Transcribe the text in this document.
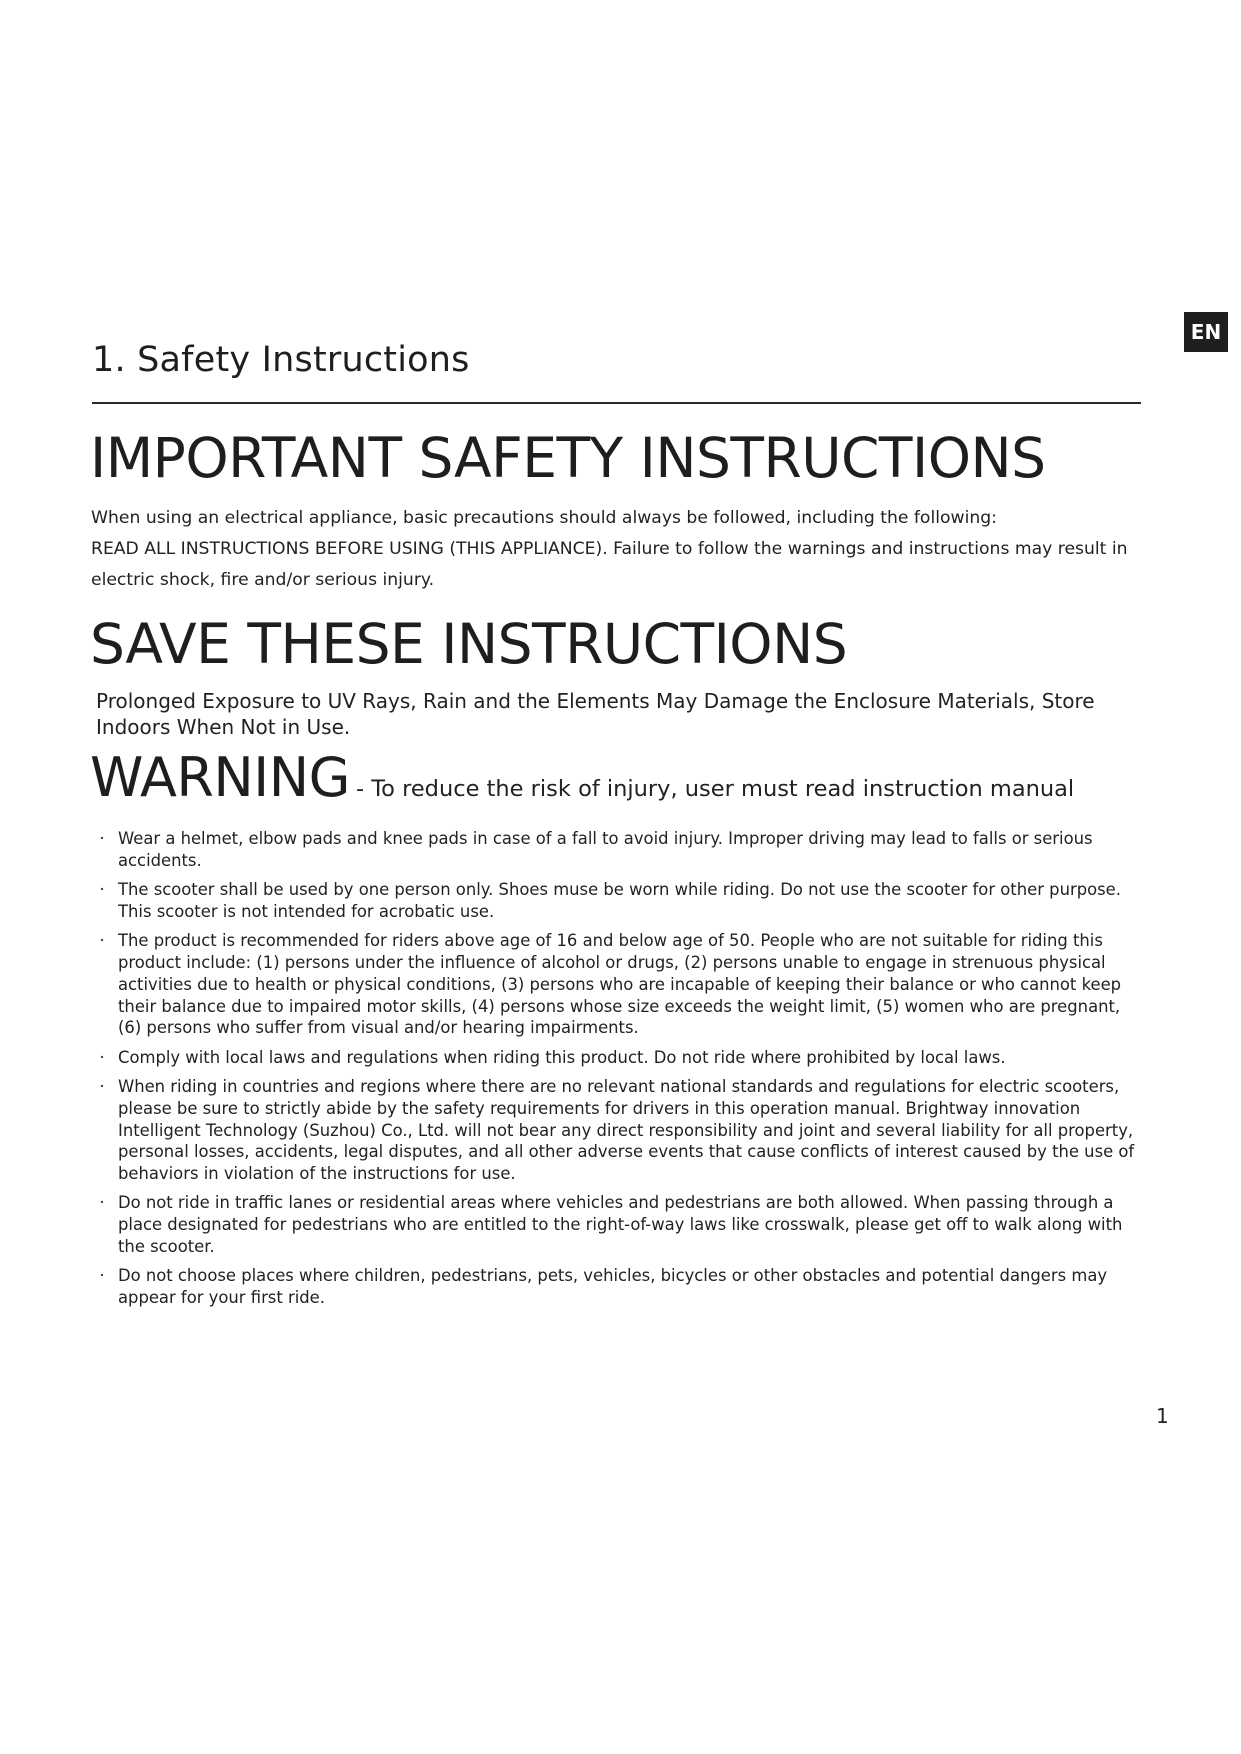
EN
1. Safety Instructions
IMPORTANT SAFETY INSTRUCTIONS
When using an electrical appliance, basic precautions should always be followed, including the following:
READ ALL INSTRUCTIONS BEFORE USING (THIS APPLIANCE). Failure to follow the warnings and instructions may result in
electric shock, fire and/or serious injury.
SAVE THESE INSTRUCTIONS
Prolonged Exposure to UV Rays, Rain and the Elements May Damage the Enclosure Materials, Store Indoors When Not in Use.
WARNING - To reduce the risk of injury, user must read instruction manual
· Wear a helmet, elbow pads and knee pads in case of a fall to avoid injury. Improper driving may lead to falls or serious accidents.
· The scooter shall be used by one person only. Shoes muse be worn while riding. Do not use the scooter for other purpose. This scooter is not intended for acrobatic use.
· The product is recommended for riders above age of 16 and below age of 50. People who are not suitable for riding this product include: (1) persons under the influence of alcohol or drugs, (2) persons unable to engage in strenuous physical activities due to health or physical conditions, (3) persons who are incapable of keeping their balance or who cannot keep their balance due to impaired motor skills, (4) persons whose size exceeds the weight limit, (5) women who are pregnant, (6) persons who suffer from visual and/or hearing impairments.
· Comply with local laws and regulations when riding this product. Do not ride where prohibited by local laws.
· When riding in countries and regions where there are no relevant national standards and regulations for electric scooters, please be sure to strictly abide by the safety requirements for drivers in this operation manual. Brightway innovation Intelligent Technology (Suzhou) Co., Ltd. will not bear any direct responsibility and joint and several liability for all property, personal losses, accidents, legal disputes, and all other adverse events that cause conflicts of interest caused by the use of behaviors in violation of the instructions for use.
· Do not ride in traffic lanes or residential areas where vehicles and pedestrians are both allowed. When passing through a place designated for pedestrians who are entitled to the right-of-way laws like crosswalk, please get off to walk along with the scooter.
· Do not choose places where children, pedestrians, pets, vehicles, bicycles or other obstacles and potential dangers may appear for your first ride.
1
